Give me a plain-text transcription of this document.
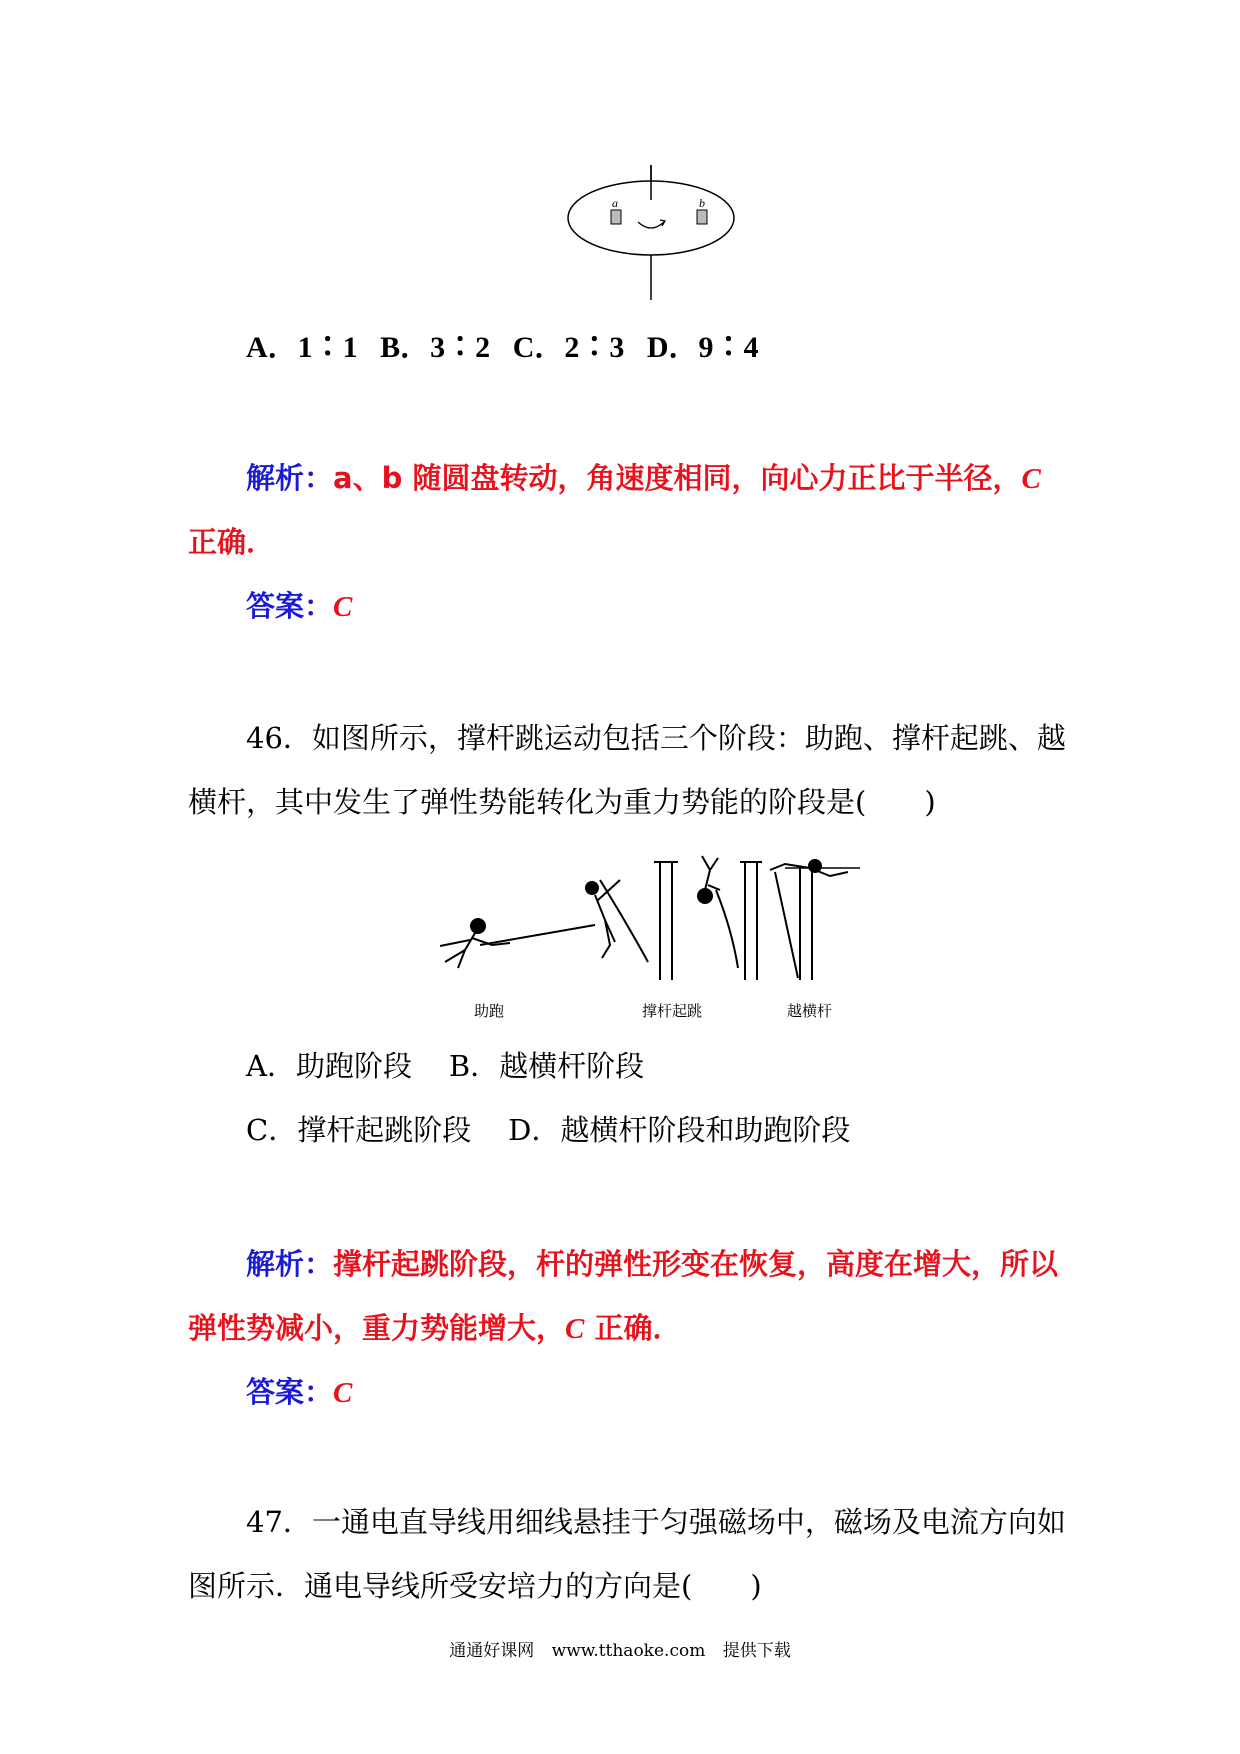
a	b
A．1∶1 B．3∶2 C．2∶3 D．9∶4
解析：a、b 随圆盘转动，角速度相同，向心力正比于半径，C
正确．
答案：C
46．如图所示，撑杆跳运动包括三个阶段：助跑、撑杆起跳、越
横杆，其中发生了弹性势能转化为重力势能的阶段是(　　)
助跑	撑杆起跳	越横杆
A．助跑阶段 B．越横杆阶段
C．撑杆起跳阶段 D．越横杆阶段和助跑阶段
解析：撑杆起跳阶段，杆的弹性形变在恢复，高度在增大，所以
弹性势减小，重力势能增大，C 正确．
答案：C
47．一通电直导线用细线悬挂于匀强磁场中，磁场及电流方向如
图所示．通电导线所受安培力的方向是(　　)
通通好课网 www.tthaoke.com 提供下载
